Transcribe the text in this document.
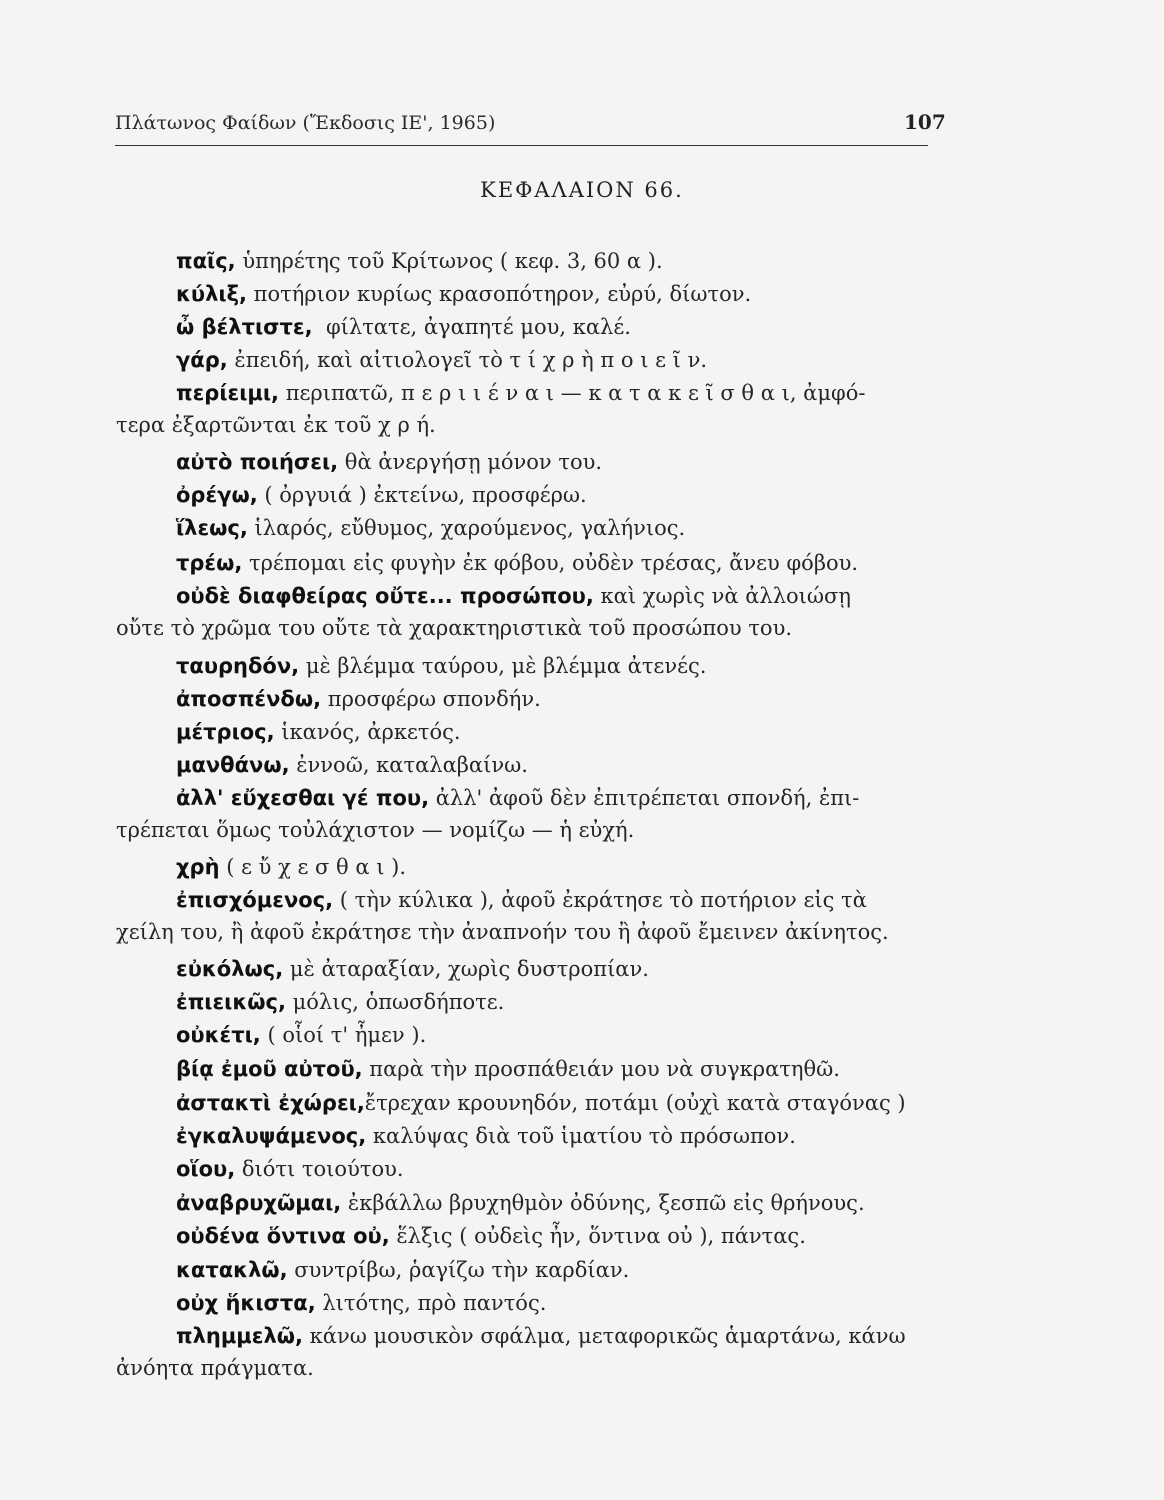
Πλάτωνος Φαίδων (Ἔκδοσις ΙΕ', 1965)	107
ΚΕΦΑΛΑΙΟΝ 66.
παῖς, ὑπηρέτης τοῦ Κρίτωνος ( κεφ. 3, 60 α ).
κύλιξ, ποτήριον κυρίως κρασοπότηρον, εὐρύ, δίωτον.
ὦ βέλτιστε,  φίλτατε, ἀγαπητέ μου, καλέ.
γάρ, ἐπειδή, καὶ αἰτιολογεῖ τὸ τ ί χ ρ ὴ π ο ι ε ῖ ν.
περίειμι, περιπατῶ, π ε ρ ι ι έ ν α ι — κ α τ α κ ε ῖ σ θ α ι, ἀμφό-
τερα ἐξαρτῶνται ἐκ τοῦ χ ρ ή.
αὐτὸ ποιήσει, θὰ ἀνεργήσῃ μόνον του.
ὀρέγω, ( ὀργυιά ) ἐκτείνω, προσφέρω.
ἵλεως, ἱλαρός, εὔθυμος, χαρούμενος, γαλήνιος.
τρέω, τρέπομαι εἰς φυγὴν ἐκ φόβου, οὐδὲν τρέσας, ἄνευ φόβου.
οὐδὲ διαφθείρας οὔτε... προσώπου, καὶ χωρὶς νὰ ἀλλοιώσῃ
οὔτε τὸ χρῶμα του οὔτε τὰ χαρακτηριστικὰ τοῦ προσώπου του.
ταυρηδόν, μὲ βλέμμα ταύρου, μὲ βλέμμα ἀτενές.
ἀποσπένδω, προσφέρω σπονδήν.
μέτριος, ἱκανός, ἀρκετός.
μανθάνω, ἐννοῶ, καταλαβαίνω.
ἀλλ' εὔχεσθαι γέ που, ἀλλ' ἀφοῦ δὲν ἐπιτρέπεται σπονδή, ἐπι-
τρέπεται ὅμως τοὐλάχιστον — νομίζω — ἡ εὐχή.
χρὴ ( ε ὔ χ ε σ θ α ι ).
ἐπισχόμενος, ( τὴν κύλικα ), ἀφοῦ ἐκράτησε τὸ ποτήριον εἰς τὰ
χείλη του, ἢ ἀφοῦ ἐκράτησε τὴν ἀναπνοήν του ἢ ἀφοῦ ἔμεινεν ἀκίνητος.
εὐκόλως, μὲ ἀταραξίαν, χωρὶς δυστροπίαν.
ἐπιεικῶς, μόλις, ὁπωσδήποτε.
οὐκέτι, ( οἷοί τ' ἦμεν ).
βίᾳ ἐμοῦ αὐτοῦ, παρὰ τὴν προσπάθειάν μου νὰ συγκρατηθῶ.
ἀστακτὶ ἐχώρει,ἔτρεχαν κρουνηδόν, ποτάμι (οὐχὶ κατὰ σταγόνας )
ἐγκαλυψάμενος, καλύψας διὰ τοῦ ἱματίου τὸ πρόσωπον.
οἵου, διότι τοιούτου.
ἀναβρυχῶμαι, ἐκβάλλω βρυχηθμὸν ὀδύνης, ξεσπῶ εἰς θρήνους.
οὐδένα ὅντινα οὐ, ἕλξις ( οὐδεὶς ἦν, ὅντινα οὐ ), πάντας.
κατακλῶ, συντρίβω, ῥαγίζω τὴν καρδίαν.
οὐχ ἥκιστα, λιτότης, πρὸ παντός.
πλημμελῶ, κάνω μουσικὸν σφάλμα, μεταφορικῶς ἁμαρτάνω, κάνω
ἀνόητα πράγματα.
